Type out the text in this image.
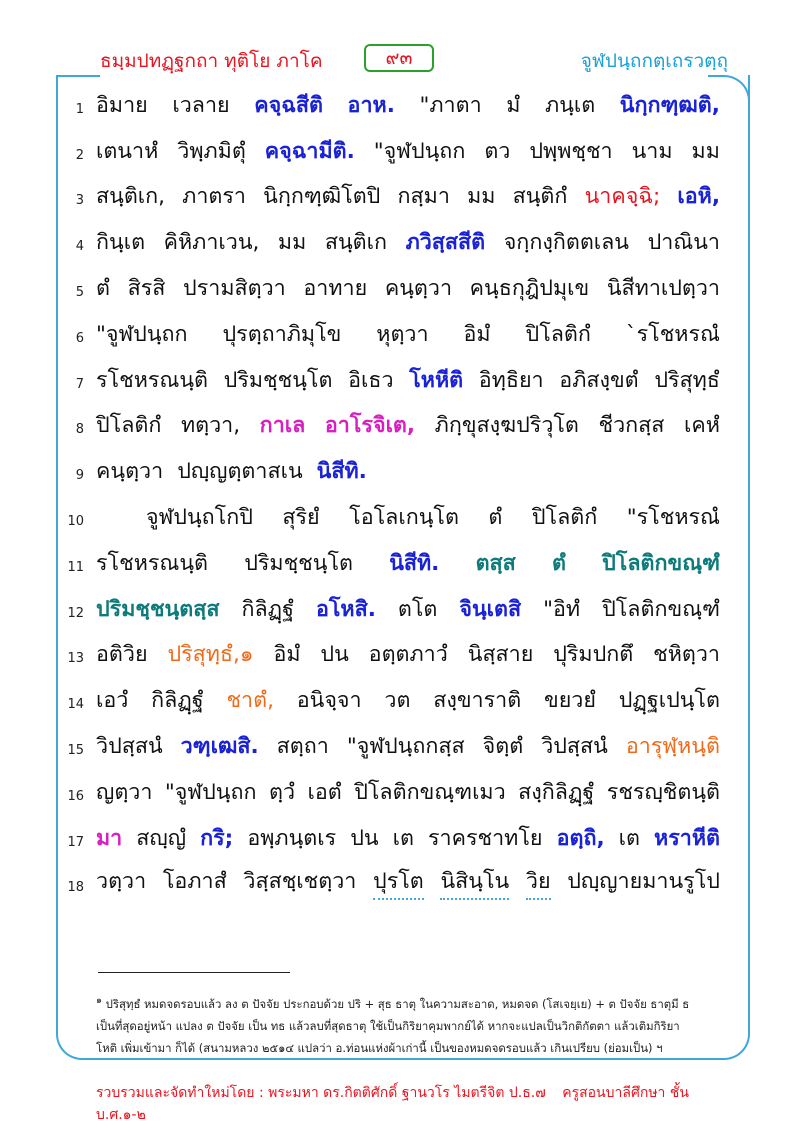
ธมฺมปทฏฺฐกถา ทุติโย ภาโค	๙๓	จูฬปนฺถกตฺเถรวตฺถุ
1 อิมาย เวลาย คจฺฉสีติ อาห. "ภาตา มํ ภนฺเต นิกฺกฑฺฒติ,
2 เตนาหํ วิพฺภมิตุํ คจฺฉามีติ. "จูฬปนฺถก ตว ปพฺพชฺชา นาม มม
3 สนฺติเก, ภาตรา นิกฺกฑฺฒิโตปิ กสฺมา มม สนฺติกํ นาคจฺฉิ; เอหิ,
4 กินฺเต คิหิภาเวน, มม สนฺติเก ภวิสฺสสีติ จกฺกงฺกิตตเลน ปาณินา
5 ตํ สิรสิ ปรามสิตฺวา อาทาย คนฺตฺวา คนฺธกุฎิปมุเข นิสีทาเปตฺวา
6 "จูฬปนฺถก ปุรตฺถาภิมุโข หุตฺวา อิมํ ปิโลติกํ `รโชหรณํ
7 รโชหรณนฺติ ปริมชฺชนฺโต อิเธว โหหีติ อิทฺธิยา อภิสงฺขตํ ปริสุทฺธํ
8 ปิโลติกํ ทตฺวา, กาเล อาโรจิเต, ภิกฺขุสงฺฆปริวุโต ชีวกสฺส เคหํ
9 คนฺตฺวา ปญฺญตฺตาสเน นิสีทิ.
10	จูฬปนฺถโกปิ สุริยํ โอโลเกนฺโต ตํ ปิโลติกํ "รโชหรณํ
11 รโชหรณนฺติ ปริมชฺชนฺโต นิสีทิ. ตสฺส ตํ ปิโลติกขณฺฑํ
12 ปริมชฺชนฺตสฺส กิลิฏฺฐํ อโหสิ. ตโต จินฺเตสิ "อิทํ ปิโลติกขณฺฑํ
13 อติวิย ปริสุทฺธํ,๑ อิมํ ปน อตฺตภาวํ นิสฺสาย ปุริมปกตึ ชหิตฺวา
14 เอวํ กิลิฏฺฐํ ชาตํ, อนิจฺจา วต สงฺขาราติ ขยวยํ ปฏฺฐเปนฺโต
15 วิปสฺสนํ วฑฺเฒสิ. สตฺถา "จูฬปนฺถกสฺส จิตฺตํ วิปสฺสนํ อารุฬฺหนฺติ
16 ญตฺวา "จูฬปนฺถก ตฺวํ เอตํ ปิโลติกขณฺฑเมว สงฺกิลิฏฺฐํ รชรญฺชิตนฺติ
17 มา สญฺญํ กริ; อพฺภนฺตเร ปน เต ราครชาทโย อตฺถิ, เต หราหีติ
18 วตฺวา โอภาสํ วิสฺสชฺเชตฺวา ปุรโต นิสินฺโน วิย ปญฺญายมานรูโป
$^๑$ ปริสุทฺธํ หมดจดรอบแล้ว ลง ต ปัจจัย ประกอบด้วย ปริ + สุธ ธาตุ ในความสะอาด, หมดจด (โสเจยฺเย) + ต ปัจจัย ธาตุมี ธ
เป็นที่สุดอยู่หน้า แปลง ต ปัจจัย เป็น ทธ แล้วลบที่สุดธาตุ ใช้เป็นกิริยาคุมพากย์ได้ หากจะแปลเป็นวิกติกัตตา แล้วเติมกิริยา
โหติ เพิ่มเข้ามา ก็ได้ (สนามหลวง ๒๕๑๔ แปลว่า อ.ท่อนแห่งผ้าเก่านี้ เป็นของหมดจดรอบแล้ว เกินเปรียบ (ย่อมเป็น) ฯ
รวบรวมและจัดทำใหม่โดย : พระมหา ดร.กิตติศักดิ์ ฐานวโร ไมตรีจิต ป.ธ.๗ ครูสอนบาลีศึกษา ชั้น บ.ศ.๑-๒
